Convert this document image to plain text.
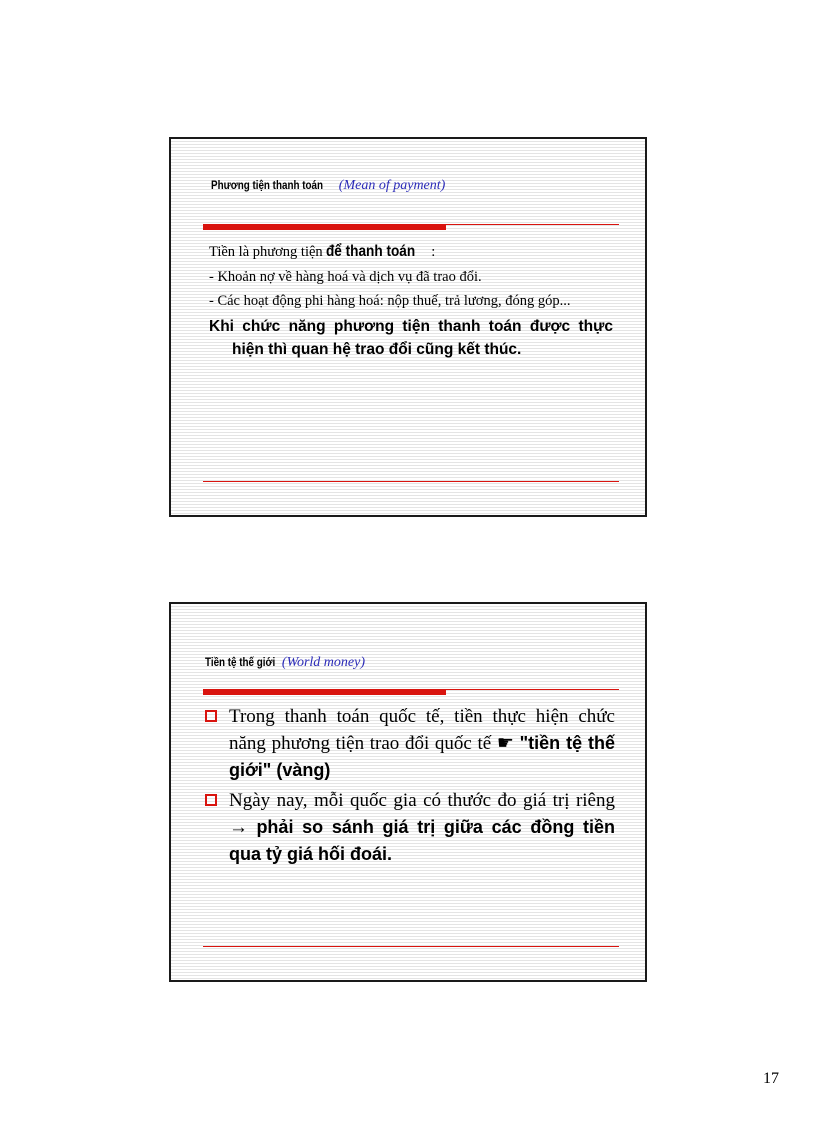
Phương tiện thanh toán (Mean of payment)

Tiền là phương tiện để thanh toán :

- Khoản nợ về hàng hoá và dịch vụ đã trao đổi.

- Các hoạt động phi hàng hoá: nộp thuế, trả lương, đóng góp...

Khi chức năng phương tiện thanh toán được thực hiện thì quan hệ trao đổi cũng kết thúc.

Tiền tệ thế giới (World money)
Trong thanh toán quốc tế, tiền thực hiện chức năng phương tiện trao đổi quốc tế ☛ "tiền tệ thế giới" (vàng)
Ngày nay, mỗi quốc gia có thước đo giá trị riêng → phải so sánh giá trị giữa các đồng tiền qua tỷ giá hối đoái.
17
